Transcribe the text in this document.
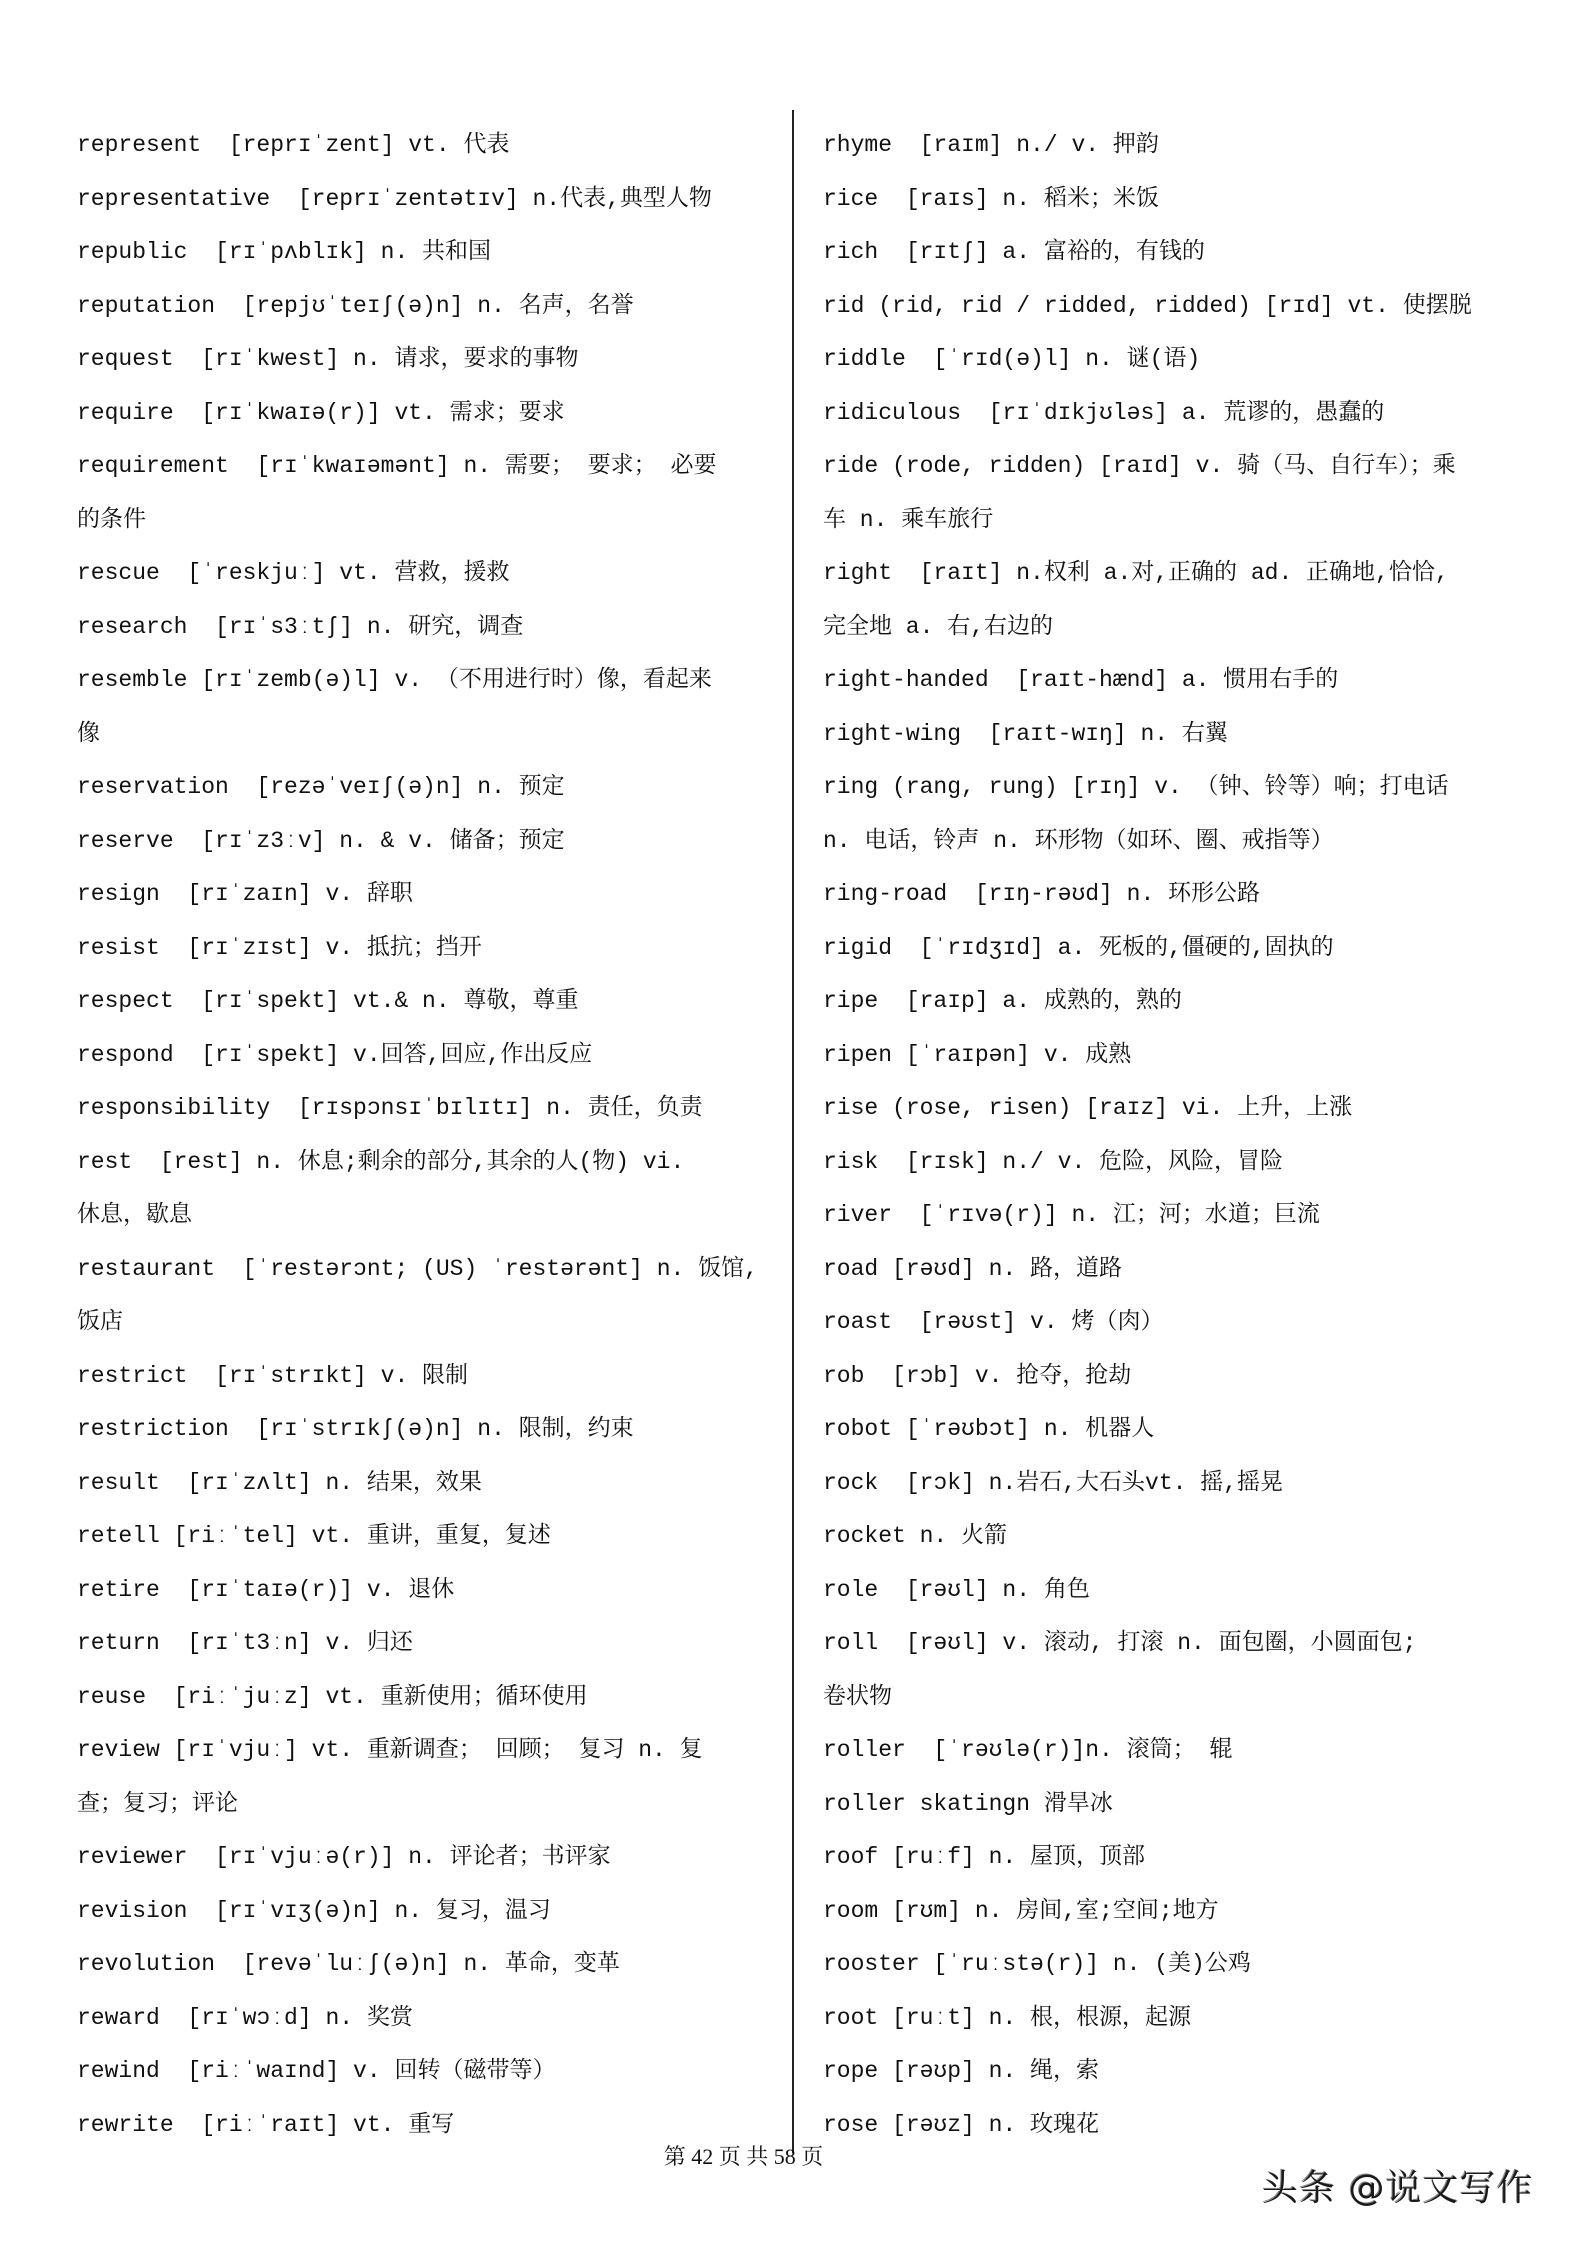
represent  [reprɪˈzent] vt. 代表
representative  [reprɪˈzentətɪv] n.代表,典型人物
republic  [rɪˈpʌblɪk] n. 共和国
reputation  [repjʊˈteɪʃ(ə)n] n. 名声，名誉
request  [rɪˈkwest] n. 请求，要求的事物
require  [rɪˈkwaɪə(r)] vt. 需求；要求
requirement  [rɪˈkwaɪəmənt] n. 需要； 要求； 必要
的条件
rescue  [ˈreskjuː] vt. 营救，援救
research  [rɪˈs3ːtʃ] n. 研究，调查
resemble [rɪˈzemb(ə)l] v. （不用进行时）像，看起来
像
reservation  [rezəˈveɪʃ(ə)n] n. 预定
reserve  [rɪˈz3ːv] n. & v. 储备；预定
resign  [rɪˈzaɪn] v. 辞职
resist  [rɪˈzɪst] v. 抵抗；挡开
respect  [rɪˈspekt] vt.& n. 尊敬，尊重
respond  [rɪˈspekt] v.回答,回应,作出反应
responsibility  [rɪspɔnsɪˈbɪlɪtɪ] n. 责任，负责
rest  [rest] n. 休息;剩余的部分,其余的人(物) vi.
休息，歇息
restaurant  [ˈrestərɔnt; (US) ˈrestərənt] n. 饭馆,
饭店
restrict  [rɪˈstrɪkt] v. 限制
restriction  [rɪˈstrɪkʃ(ə)n] n. 限制，约束
result  [rɪˈzʌlt] n. 结果，效果
retell [riːˈtel] vt. 重讲，重复，复述
retire  [rɪˈtaɪə(r)] v. 退休
return  [rɪˈt3ːn] v. 归还
reuse  [riːˈjuːz] vt. 重新使用；循环使用
review [rɪˈvjuː] vt. 重新调查； 回顾； 复习 n. 复
查；复习；评论
reviewer  [rɪˈvjuːə(r)] n. 评论者；书评家
revision  [rɪˈvɪʒ(ə)n] n. 复习，温习
revolution  [revəˈluːʃ(ə)n] n. 革命，变革
reward  [rɪˈwɔːd] n. 奖赏
rewind  [riːˈwaɪnd] v. 回转（磁带等）
rewrite  [riːˈraɪt] vt. 重写
rhyme  [raɪm] n./ v. 押韵
rice  [raɪs] n. 稻米；米饭
rich  [rɪtʃ] a. 富裕的，有钱的
rid (rid, rid / ridded, ridded) [rɪd] vt. 使摆脱
riddle  [ˈrɪd(ə)l] n. 谜(语)
ridiculous  [rɪˈdɪkjʊləs] a. 荒谬的，愚蠢的
ride (rode, ridden) [raɪd] v. 骑（马、自行车）；乘
车 n. 乘车旅行
right  [raɪt] n.权利 a.对,正确的 ad. 正确地,恰恰,
完全地 a. 右,右边的
right-handed  [raɪt-hænd] a. 惯用右手的
right-wing  [raɪt-wɪŋ] n. 右翼
ring (rang, rung) [rɪŋ] v. （钟、铃等）响；打电话
n. 电话，铃声 n. 环形物（如环、圈、戒指等）
ring-road  [rɪŋ-rəʊd] n. 环形公路
rigid  [ˈrɪdʒɪd] a. 死板的,僵硬的,固执的
ripe  [raɪp] a. 成熟的，熟的
ripen [ˈraɪpən] v. 成熟
rise (rose, risen) [raɪz] vi. 上升，上涨
risk  [rɪsk] n./ v. 危险，风险，冒险
river  [ˈrɪvə(r)] n. 江；河；水道；巨流
road [rəʊd] n. 路，道路
roast  [rəʊst] v. 烤（肉）
rob  [rɔb] v. 抢夺，抢劫
robot [ˈrəʊbɔt] n. 机器人
rock  [rɔk] n.岩石,大石头vt. 摇,摇晃
rocket n. 火箭
role  [rəʊl] n. 角色
roll  [rəʊl] v. 滚动, 打滚 n. 面包圈，小圆面包;
卷状物
roller  [ˈrəʊlə(r)]n. 滚筒； 辊
roller skatingn 滑旱冰
roof [ruːf] n. 屋顶，顶部
room [rʊm] n. 房间,室;空间;地方
rooster [ˈruːstə(r)] n. (美)公鸡
root [ruːt] n. 根，根源，起源
rope [rəʊp] n. 绳，索
rose [rəʊz] n. 玫瑰花
第 42 页 共 58 页
头条 @说文写作
